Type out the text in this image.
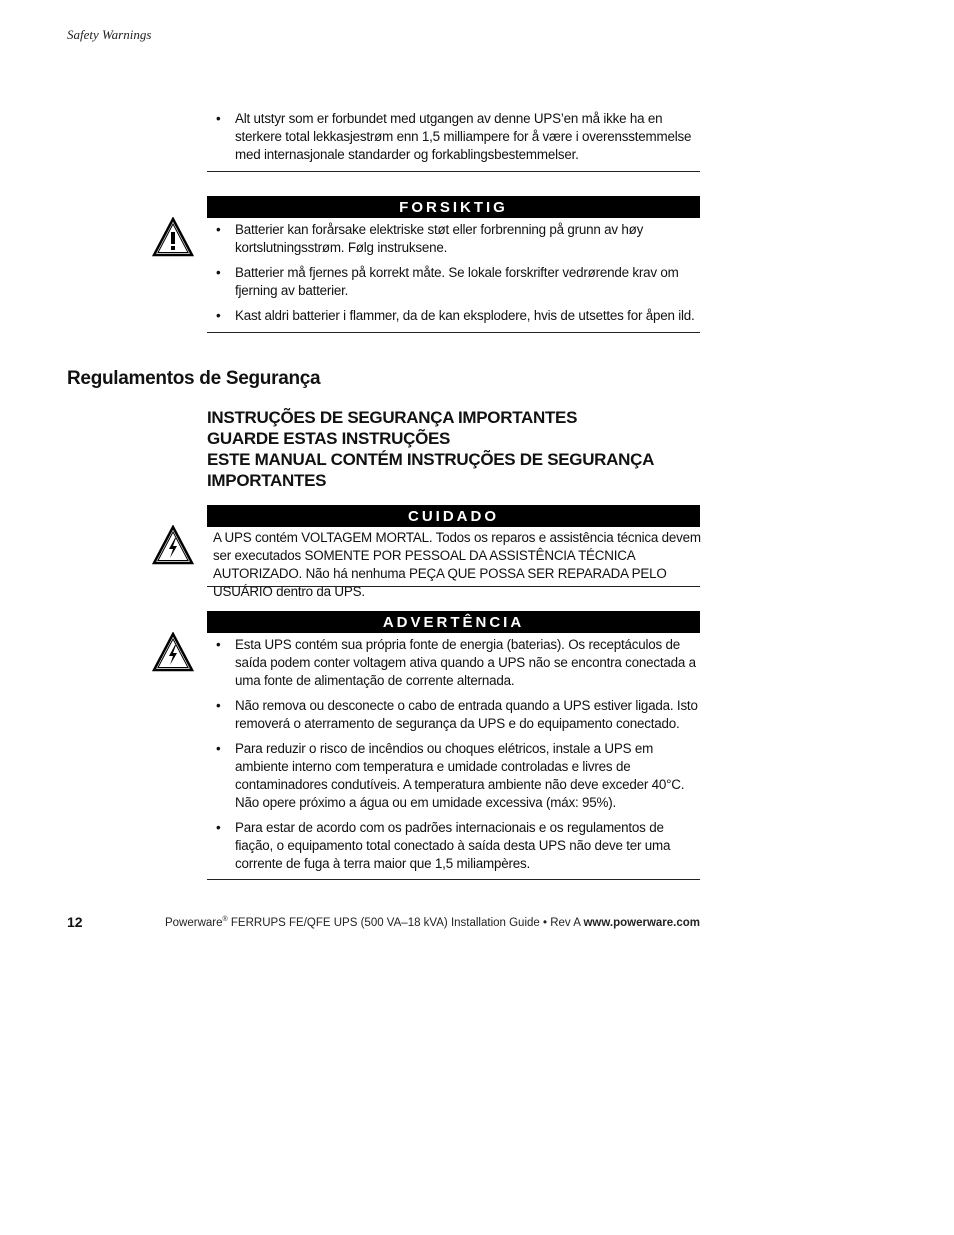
Safety Warnings
• Alt utstyr som er forbundet med utgangen av denne UPS’en må ikke ha en sterkere total lekkasjestrøm enn 1,5 milliampere for å være i overensstemmelse med internasjonale standarder og forkablingsbestemmelser.
FORSIKTIG
• Batterier kan forårsake elektriske støt eller forbrenning på grunn av høy kortslutningsstrøm. Følg instruksene.
• Batterier må fjernes på korrekt måte. Se lokale forskrifter vedrørende krav om fjerning av batterier.
• Kast aldri batterier i flammer, da de kan eksplodere, hvis de utsettes for åpen ild.
Regulamentos de Segurança
INSTRUÇÕES DE SEGURANÇA IMPORTANTES
GUARDE ESTAS INSTRUÇÕES
ESTE MANUAL CONTÉM INSTRUÇÕES DE SEGURANÇA
IMPORTANTES
CUIDADO
A UPS contém VOLTAGEM MORTAL. Todos os reparos e assistência técnica devem ser executados SOMENTE POR PESSOAL DA ASSISTÊNCIA TÉCNICA AUTORIZADO. Não há nenhuma PEÇA QUE POSSA SER REPARADA PELO USUÁRIO dentro da UPS.
ADVERTÊNCIA
• Esta UPS contém sua própria fonte de energia (baterias). Os receptáculos de saída podem conter voltagem ativa quando a UPS não se encontra conectada a uma fonte de alimentação de corrente alternada.
• Não remova ou desconecte o cabo de entrada quando a UPS estiver ligada. Isto removerá o aterramento de segurança da UPS e do equipamento conectado.
• Para reduzir o risco de incêndios ou choques elétricos, instale a UPS em ambiente interno com temperatura e umidade controladas e livres de contaminadores condutíveis. A temperatura ambiente não deve exceder 40°C. Não opere próximo a água ou em umidade excessiva (máx: 95%).
• Para estar de acordo com os padrões internacionais e os regulamentos de fiação, o equipamento total conectado à saída desta UPS não deve ter uma corrente de fuga à terra maior que 1,5 miliampères.
12	Powerware® FERRUPS FE/QFE UPS (500 VA–18 kVA) Installation Guide • Rev A www.powerware.com
